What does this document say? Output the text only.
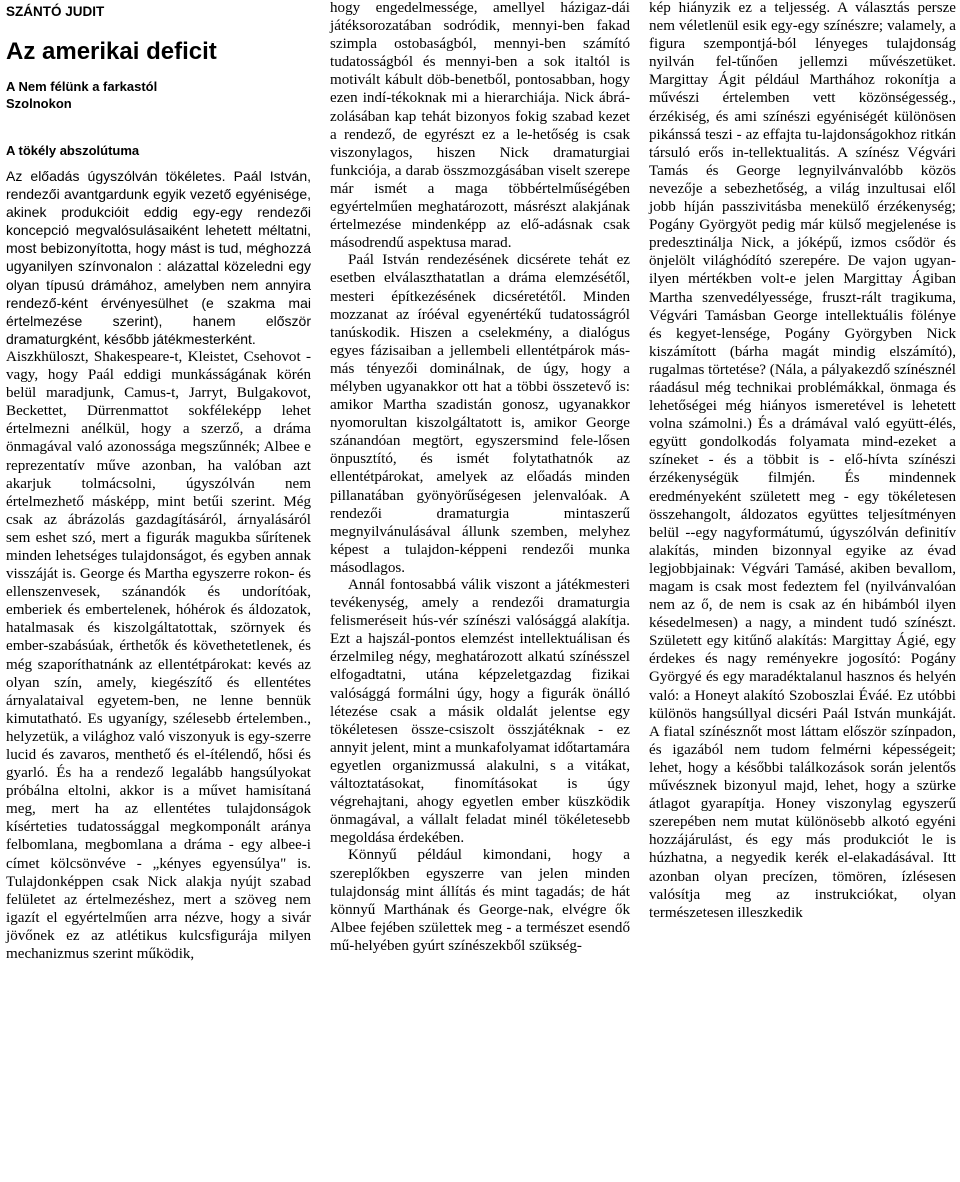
SZÁNTÓ JUDIT
Az amerikai deficit
A Nem félünk a farkastól Szolnokon
A tökély abszolútuma

Az előadás úgyszólván tökéletes. Paál István, rendezői avantgardunk egyik vezető egyénisége, akinek produkcióit eddig egy-egy rendezői koncepció megvalósulásaiként lehetett méltatni, most bebizonyította, hogy mást is tud, méghozzá ugyanilyen színvonalon : alázattal közeledni egy olyan típusú drámához, amelyben nem annyira rendező-ként érvényesülhet (e szakma mai értelmezése szerint), hanem először dramaturgként, később játékmesterként.

Aiszkhüloszt, Shakespeare-t, Kleistet, Csehovot - vagy, hogy Paál eddigi munkásságának körén belül maradjunk, Camus-t, Jarryt, Bulgakovot, Beckettet, Dürrenmattot sokféleképp lehet értelmezni anélkül, hogy a szerző, a dráma önmagával való azonossága megszűnnék; Albee e reprezentatív műve azonban, ha valóban azt akarjuk tolmácsolni, úgyszólván nem értelmezhető másképp, mint betűi szerint. Még csak az ábrázolás gazdagításáról, árnyalásáról sem eshet szó, mert a figurák magukba sűrítenek minden lehetséges tulajdonságot, és egyben annak visszáját is. George és Martha egyszerre rokon- és ellenszenvesek, szánandók és undorítóak, emberiek és embertelenek, hóhérok és áldozatok, hatalmasak és kiszolgáltatottak, szörnyek és ember-szabásúak, érthetők és követhetetlenek, és még szaporíthatnánk az ellentétpárokat: kevés az olyan szín, amely, kiegészítő és ellentétes árnyalataival egyetem-ben, ne lenne bennük kimutatható. Es ugyanígy, szélesebb értelemben., helyzetük, a világhoz való viszonyuk is egy-szerre lucid és zavaros, menthető és el-ítélendő, hősi és gyarló. És ha a rendező legalább hangsúlyokat próbálna eltolni, akkor is a művet hamisítaná meg, mert ha az ellentétes tulajdonságok kísérteties tudatossággal megkomponált aránya felbomlana, megbomlana a dráma - egy albee-i címet kölcsönvéve - „kényes egyensúlya" is. Tulajdonképpen csak Nick alakja nyújt szabad felületet az értelmezéshez, mert a szöveg nem igazít el egyértelműen arra nézve, hogy a sivár jövőnek ez az atlétikus kulcsfigurája milyen mechanizmus szerint működik,

hogy engedelmessége, amellyel házigaz-dái játéksorozatában sodródik, mennyi-ben fakad szimpla ostobaságból, mennyi-ben számító tudatosságból és mennyi-ben a sok italtól is motivált kábult döb-benetből, pontosabban, hogy ezen indí-tékoknak mi a hierarchiája. Nick ábrá-zolásában kap tehát bizonyos fokig szabad kezet a rendező, de egyrészt ez a le-hetőség is csak viszonylagos, hiszen Nick dramaturgiai funkciója, a darab összmozgásában viselt szerepe már ismét a maga többértelműségében egyértelműen meghatározott, másrészt alakjának értelmezése mindenképp az elő-adásnak csak másodrendű aspektusa marad.

Paál István rendezésének dicsérete tehát ez esetben elválaszthatatlan a dráma elemzésétől, mesteri építkezésének dicséretétől. Minden mozzanat az íróéval egyenértékű tudatosságról tanúskodik. Hiszen a cselekmény, a dialógus egyes fázisaiban a jellembeli ellentétpárok más-más tényezői dominálnak, de úgy, hogy a mélyben ugyanakkor ott hat a többi összetevő is: amikor Martha szadistán gonosz, ugyanakkor nyomorultan kiszolgáltatott is, amikor George szánandóan megtört, egyszersmind fele-lősen önpusztító, és ismét folytathatnók az ellentétpárokat, amelyek az előadás minden pillanatában gyönyörűségesen jelenvalóak. A rendezői dramaturgia mintaszerű megnyilvánulásával állunk szemben, melyhez képest a tulajdon-képpeni rendezői munka másodlagos.

Annál fontosabbá válik viszont a játékmesteri tevékenység, amely a rendezői dramaturgia felismeréseit hús-vér színészi valósággá alakítja. Ezt a hajszál-pontos elemzést intellektuálisan és érzelmileg négy, meghatározott alkatú színésszel elfogadtatni, utána képzeletgazdag fizikai valósággá formálni úgy, hogy a figurák önálló létezése csak a másik oldalát jelentse egy tökéletesen össze-csiszolt összjátéknak - ez annyit jelent, mint a munkafolyamat időtartamára egyetlen organizmussá alakulni, s a vitákat, változtatásokat, finomításokat is úgy végrehajtani, ahogy egyetlen ember küszködik önmagával, a vállalt feladat minél tökéletesebb megoldása érdekében.

Könnyű például kimondani, hogy a szereplőkben egyszerre van jelen minden tulajdonság mint állítás és mint tagadás; de hát könnyű Marthának és George-nak, elvégre ők Albee fejében születtek meg - a természet esendő mű-helyében gyúrt színészekből szükség-

kép hiányzik ez a teljesség. A választás persze nem véletlenül esik egy-egy színészre; valamely, a figura szempontjá-ból lényeges tulajdonság nyilván fel-tűnően jellemzi művészetüket. Margittay Ágit például Marthához rokonítja a művészi értelemben vett közönségesség., érzékiség, és ami színészi egyéniségét különösen pikánssá teszi - az effajta tu-lajdonságokhoz ritkán társuló erős in-tellektualitás. A színész Végvári Tamás és George legnyilvánvalóbb közös nevezője a sebezhetőség, a világ inzultusai elől jobb híján passzivitásba menekülő érzékenység; Pogány Györgyöt pedig már külső megjelenése is predesztinálja Nick, a jóképű, izmos csődör és önjelölt világhódító szerepére. De vajon ugyan-ilyen mértékben volt-e jelen Margittay Ágiban Martha szenvedélyessége, fruszt-rált tragikuma, Végvári Tamásban George intellektuális fölénye és kegyet-lensége, Pogány Györgyben Nick kiszámított (bárha magát mindig elszámító), rugalmas törtetése? (Nála, a pályakezdő színésznél ráadásul még technikai problémákkal, önmaga és lehetőségei még hiányos ismeretével is lehetett volna számolni.) És a drámával való együtt-élés, együtt gondolkodás folyamata mind-ezeket a színeket - és a többit is - elő-hívta színészi érzékenységük filmjén. És mindennek eredményeként született meg - egy tökéletesen összehangolt, áldozatos együttes teljesítményen belül --egy nagyformátumú, úgyszólván definitív alakítás, minden bizonnyal egyike az évad legjobbjainak: Végvári Tamásé, akiben bevallom, magam is csak most fedeztem fel (nyilvánvalóan nem az ő, de nem is csak az én hibámból ilyen késedelmesen) a nagy, a mindent tudó színészt. Született egy kitűnő alakítás: Margittay Ágié, egy érdekes és nagy reményekre jogosító: Pogány Györgyé és egy maradéktalanul hasznos és helyén való: a Honeyt alakító Szoboszlai Éváé. Ez utóbbi különös hangsúllyal dicséri Paál István munkáját. A fiatal színésznőt most láttam először színpadon, és igazából nem tudom felmérni képességeit; lehet, hogy a későbbi találkozások során jelentős művésznek bizonyul majd, lehet, hogy a szürke átlagot gyarapítja. Honey viszonylag egyszerű szerepében nem mutat különösebb alkotó egyéni hozzájárulást, és egy más produkciót le is húzhatna, a negyedik kerék el-elakadásával. Itt azonban olyan precízen, tömören, ízlésesen valósítja meg az instrukciókat, olyan természetesen illeszkedik
